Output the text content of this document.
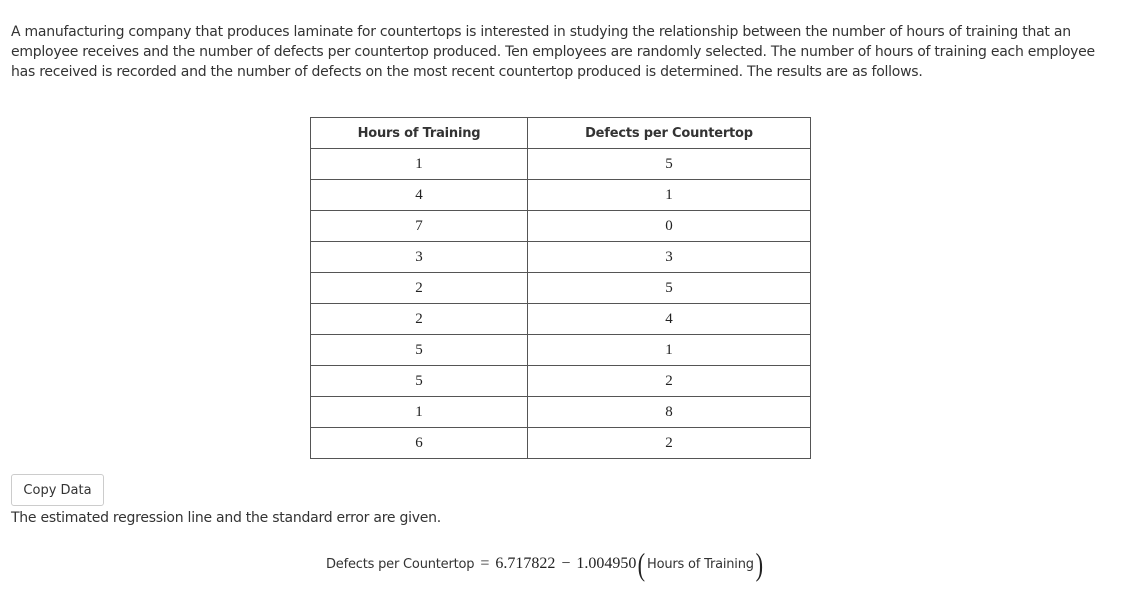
A manufacturing company that produces laminate for countertops is interested in studying the relationship between the number of hours of training that an employee receives and the number of defects per countertop produced. Ten employees are randomly selected. The number of hours of training each employee has received is recorded and the number of defects on the most recent countertop produced is determined. The results are as follows.

Hours of Training	Defects per Countertop
1	5
4	1
7	0
3	3
2	5
2	4
5	1
5	2
1	8
6	2
Copy Data

The estimated regression line and the standard error are given.

Defects per Countertop = 6.717822 − 1.004950 ( Hours of Training )
